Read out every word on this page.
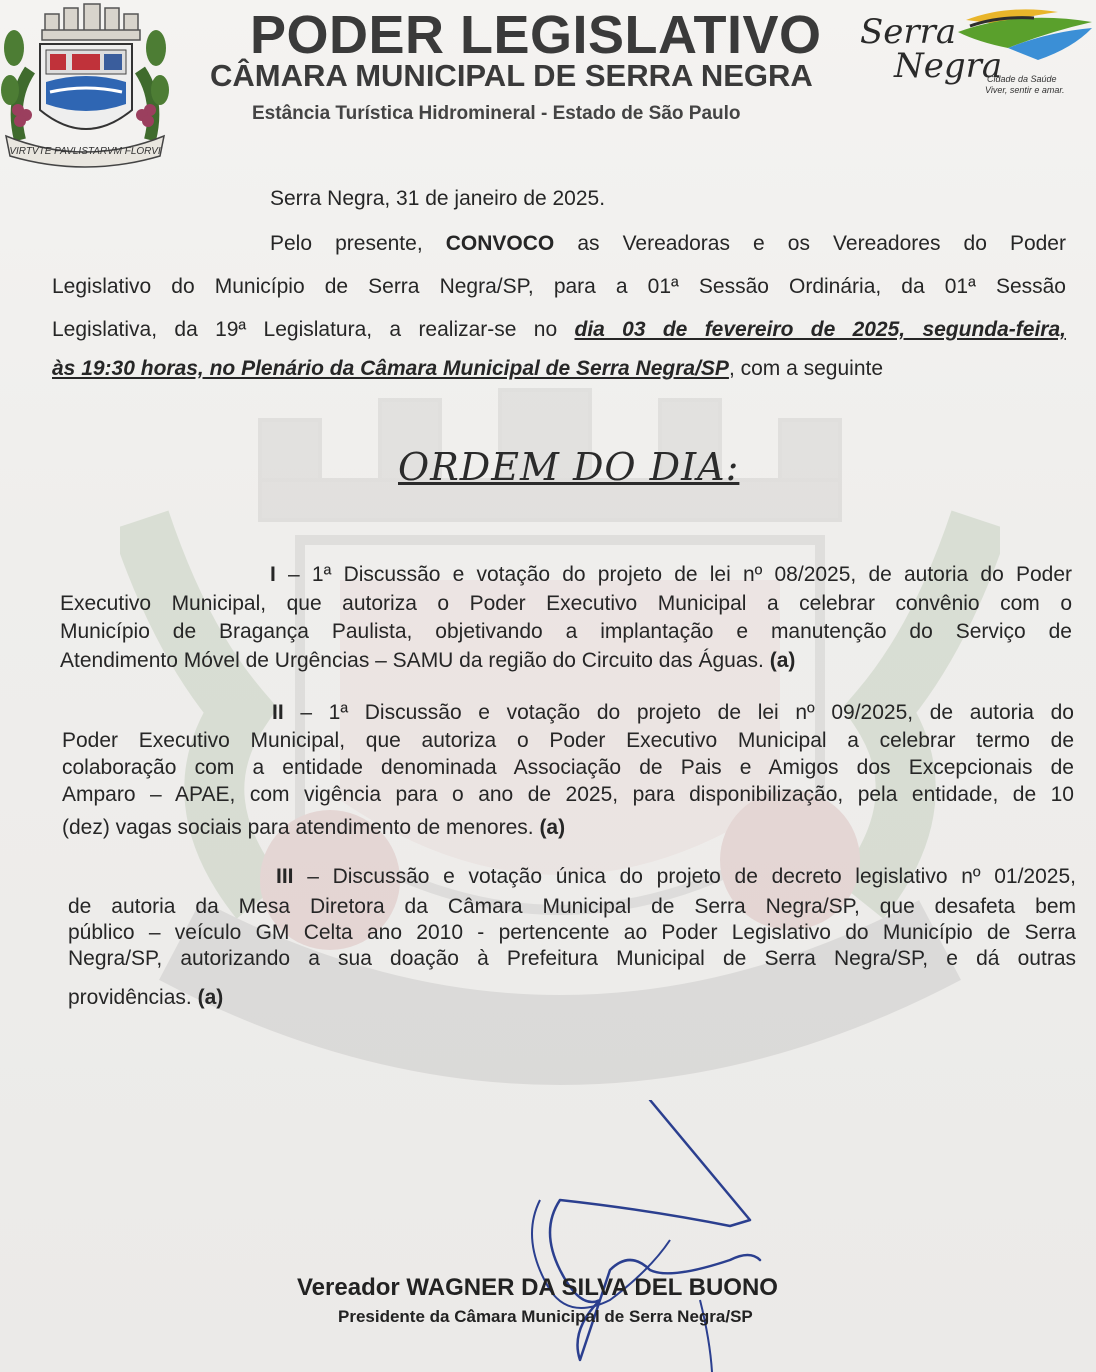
VIRTVTE PAVLISTARVM FLORVI
PODER LEGISLATIVO
CÂMARA MUNICIPAL DE SERRA NEGRA
Estância Turística Hidromineral - Estado de São Paulo
Serra
Negra
Cidade da Saúde
Viver, sentir e amar.
Serra Negra, 31 de janeiro de 2025.
Pelo presente, CONVOCO as Vereadoras e os Vereadores do Poder
Legislativo do Município de Serra Negra/SP, para a 01ª Sessão Ordinária, da 01ª Sessão
Legislativa, da 19ª Legislatura, a realizar-se no dia 03 de fevereiro de 2025, segunda-feira,
às 19:30 horas, no Plenário da Câmara Municipal de Serra Negra/SP, com a seguinte
ORDEM DO DIA:
I – 1ª Discussão e votação do projeto de lei nº 08/2025, de autoria do Poder
Executivo Municipal, que autoriza o Poder Executivo Municipal a celebrar convênio com o
Município de Bragança Paulista, objetivando a implantação e manutenção do Serviço de
Atendimento Móvel de Urgências – SAMU da região do Circuito das Águas. (a)
II – 1ª Discussão e votação do projeto de lei nº 09/2025, de autoria do
Poder Executivo Municipal, que autoriza o Poder Executivo Municipal a celebrar termo de
colaboração com a entidade denominada Associação de Pais e Amigos dos Excepcionais de
Amparo – APAE, com vigência para o ano de 2025, para disponibilização, pela entidade, de 10
(dez) vagas sociais para atendimento de menores. (a)
III – Discussão e votação única do projeto de decreto legislativo nº 01/2025,
de autoria da Mesa Diretora da Câmara Municipal de Serra Negra/SP, que desafeta bem
público – veículo GM Celta ano 2010 - pertencente ao Poder Legislativo do Município de Serra
Negra/SP, autorizando a sua doação à Prefeitura Municipal de Serra Negra/SP, e dá outras
providências. (a)
Vereador WAGNER DA SILVA DEL BUONO
Presidente da Câmara Municipal de Serra Negra/SP
